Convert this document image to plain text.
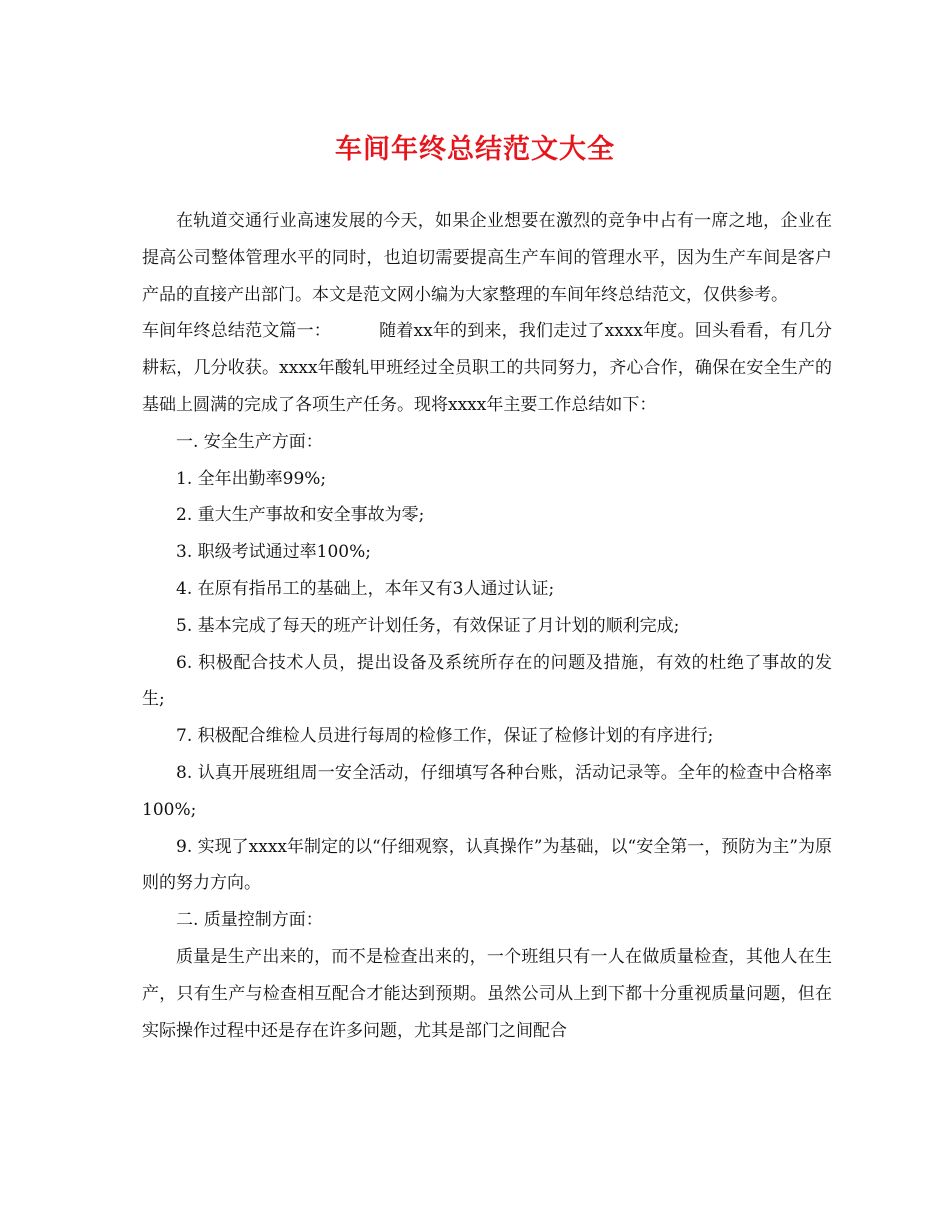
车间年终总结范文大全

在轨道交通行业高速发展的今天，如果企业想要在激烈的竞争中占有一席之地，企业在提高公司整体管理水平的同时，也迫切需要提高生产车间的管理水平，因为生产车间是客户产品的直接产出部门。本文是范文网小编为大家整理的车间年终总结范文，仅供参考。

车间年终总结范文篇一：	随着xx年的到来，我们走过了xxxx年度。回头看看，有几分耕耘，几分收获。xxxx年酸轧甲班经过全员职工的共同努力，齐心合作，确保在安全生产的基础上圆满的完成了各项生产任务。现将xxxx年主要工作总结如下：

一. 安全生产方面：

1. 全年出勤率99%;

2. 重大生产事故和安全事故为零;

3. 职级考试通过率100%;

4. 在原有指吊工的基础上，本年又有3人通过认证;

5. 基本完成了每天的班产计划任务，有效保证了月计划的顺利完成;

6. 积极配合技术人员，提出设备及系统所存在的问题及措施，有效的杜绝了事故的发生;

7. 积极配合维检人员进行每周的检修工作，保证了检修计划的有序进行;

8. 认真开展班组周一安全活动，仔细填写各种台账，活动记录等。全年的检查中合格率100%;

9. 实现了xxxx年制定的以“仔细观察，认真操作”为基础，以“安全第一，预防为主”为原则的努力方向。

二. 质量控制方面：

质量是生产出来的，而不是检查出来的，一个班组只有一人在做质量检查，其他人在生产，只有生产与检查相互配合才能达到预期。虽然公司从上到下都十分重视质量问题，但在实际操作过程中还是存在许多问题，尤其是部门之间配合
